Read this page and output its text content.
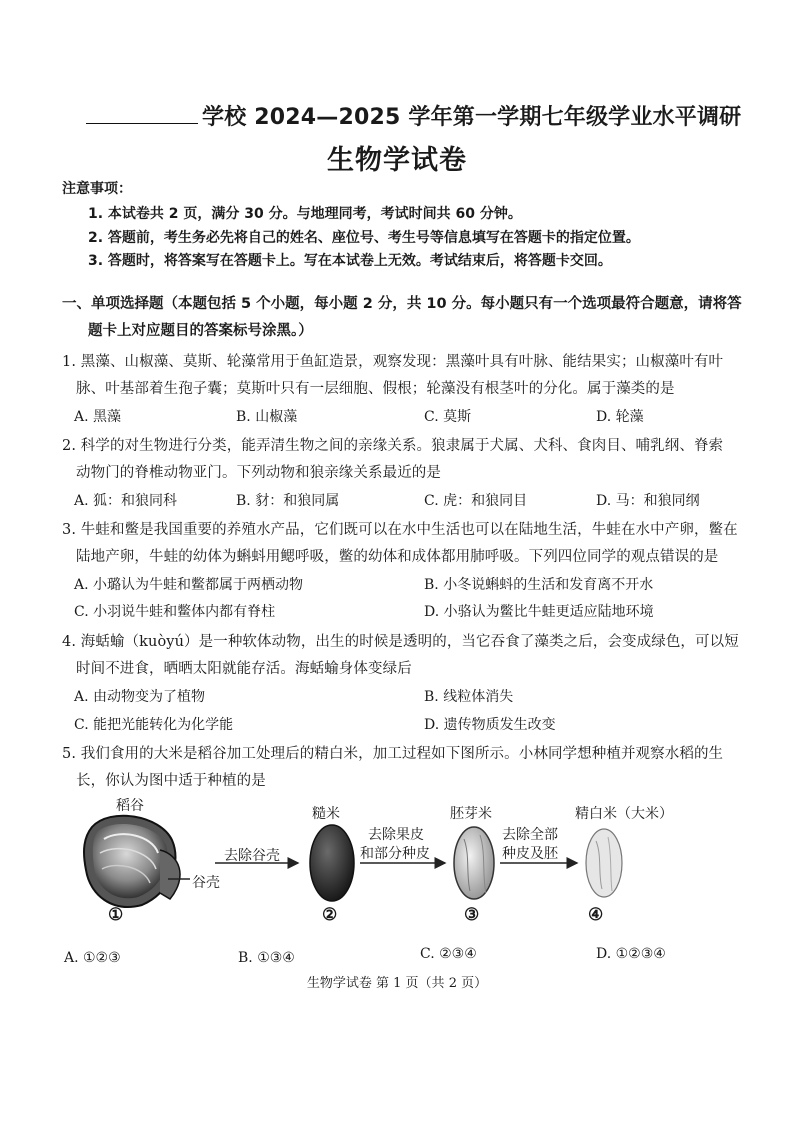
学校 2024—2025 学年第一学期七年级学业水平调研
生物学试卷
注意事项：
1. 本试卷共 2 页，满分 30 分。与地理同考，考试时间共 60 分钟。
2. 答题前，考生务必先将自己的姓名、座位号、考生号等信息填写在答题卡的指定位置。
3. 答题时，将答案写在答题卡上。写在本试卷上无效。考试结束后，将答题卡交回。
一、单项选择题（本题包括 5 个小题，每小题 2 分，共 10 分。每小题只有一个选项最符合题意，请将答
题卡上对应题目的答案标号涂黑。）
1. 黑藻、山椒藻、莫斯、轮藻常用于鱼缸造景，观察发现：黑藻叶具有叶脉、能结果实；山椒藻叶有叶
脉、叶基部着生孢子囊；莫斯叶只有一层细胞、假根；轮藻没有根茎叶的分化。属于藻类的是
A. 黑藻	B. 山椒藻	C. 莫斯	D. 轮藻
2. 科学的对生物进行分类，能弄清生物之间的亲缘关系。狼隶属于犬属、犬科、食肉目、哺乳纲、脊索
动物门的脊椎动物亚门。下列动物和狼亲缘关系最近的是
A. 狐：和狼同科	B. 豺：和狼同属	C. 虎：和狼同目	D. 马：和狼同纲
3. 牛蛙和鳖是我国重要的养殖水产品，它们既可以在水中生活也可以在陆地生活，牛蛙在水中产卵，鳖在
陆地产卵，牛蛙的幼体为蝌蚪用鳃呼吸，鳖的幼体和成体都用肺呼吸。下列四位同学的观点错误的是
A. 小璐认为牛蛙和鳖都属于两栖动物	B. 小冬说蝌蚪的生活和发育离不开水
C. 小羽说牛蛙和鳖体内都有脊柱	D. 小骆认为鳖比牛蛙更适应陆地环境
4. 海蛞蝓（kuòyú）是一种软体动物，出生的时候是透明的，当它吞食了藻类之后，会变成绿色，可以短
时间不进食，晒晒太阳就能存活。海蛞蝓身体变绿后
A. 由动物变为了植物	B. 线粒体消失
C. 能把光能转化为化学能	D. 遗传物质发生改变
5. 我们食用的大米是稻谷加工处理后的精白米，加工过程如下图所示。小林同学想种植并观察水稻的生
长，你认为图中适于种植的是
稻谷
谷壳
去除谷壳
糙米
去除果皮
和部分种皮
胚芽米
去除全部
种皮及胚
精白米（大米）
①	②	③	④
A. ①②③	B. ①③④	C. ②③④	D. ①②③④
生物学试卷 第 1 页（共 2 页）
